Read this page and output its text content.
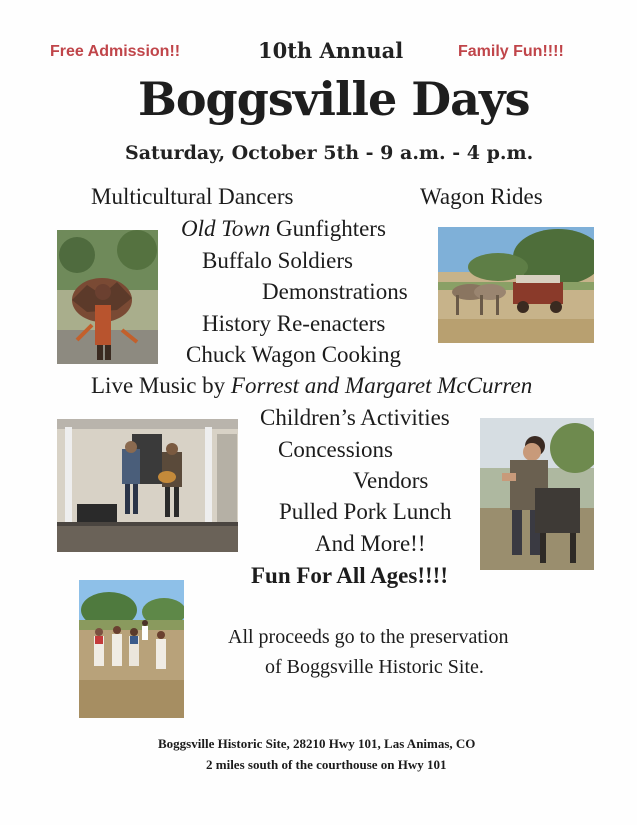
Free Admission!!	10th Annual	Family Fun!!!!
Boggsville Days
Saturday, October 5th - 9 a.m. - 4 p.m.
Multicultural Dancers	Wagon Rides
Old Town Gunfighters
Buffalo Soldiers
Demonstrations
History Re-enacters
Chuck Wagon Cooking
Live Music by Forrest and Margaret McCurren
Children’s Activities
Concessions
Vendors
Pulled Pork Lunch
And More!!
Fun For All Ages!!!!
All proceeds go to the preservation
of Boggsville Historic Site.
Boggsville Historic Site, 28210 Hwy 101, Las Animas, CO
2 miles south of the courthouse on Hwy 101
